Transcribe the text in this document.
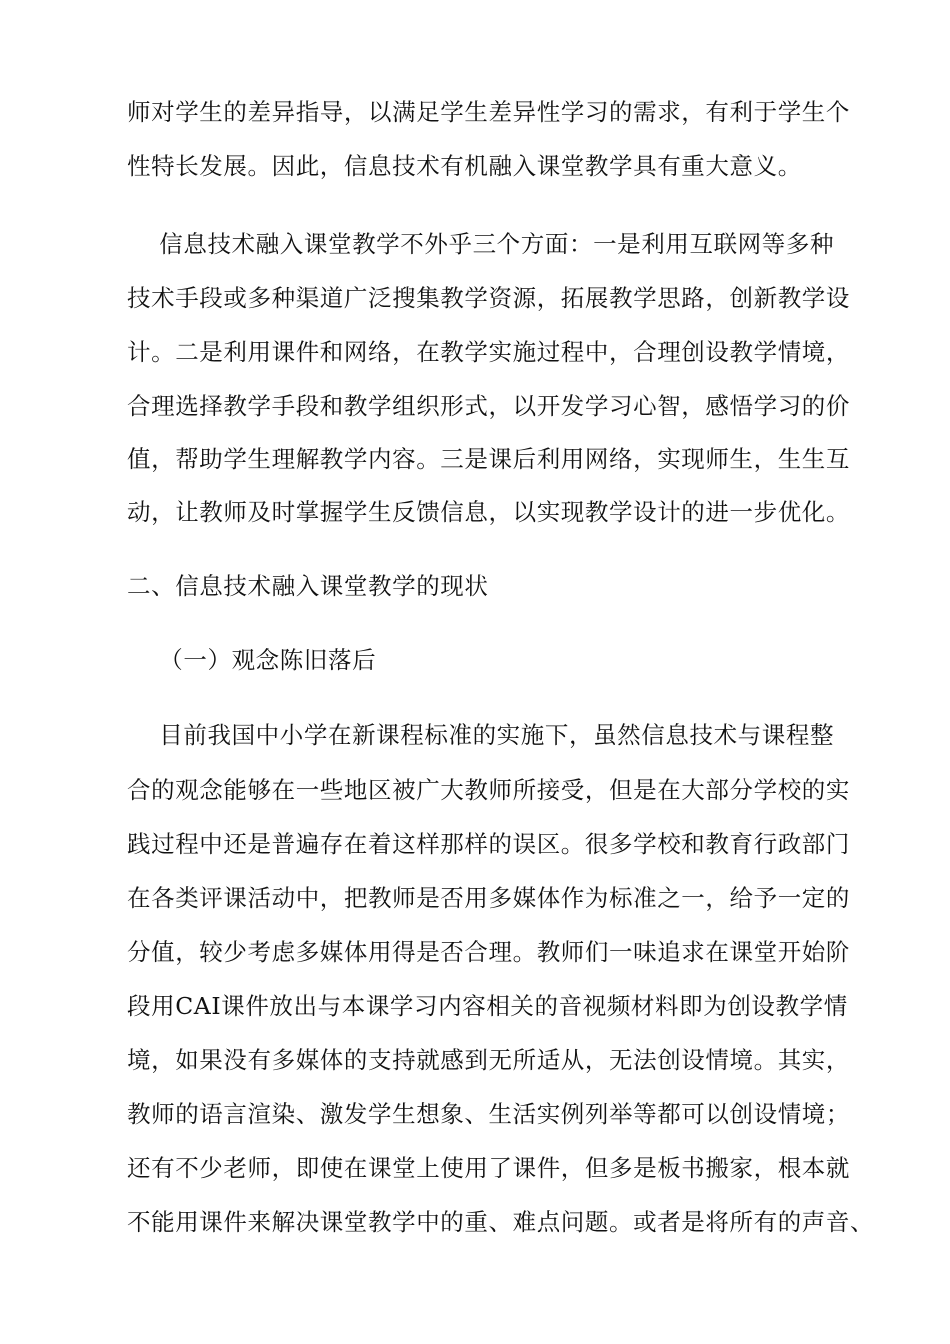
师对学生的差异指导，以满足学生差异性学习的需求，有利于学生个
性特长发展。因此，信息技术有机融入课堂教学具有重大意义。
信息技术融入课堂教学不外乎三个方面：一是利用互联网等多种
技术手段或多种渠道广泛搜集教学资源，拓展教学思路，创新教学设
计。二是利用课件和网络，在教学实施过程中，合理创设教学情境，
合理选择教学手段和教学组织形式，以开发学习心智，感悟学习的价
值，帮助学生理解教学内容。三是课后利用网络，实现师生，生生互
动，让教师及时掌握学生反馈信息，以实现教学设计的进一步优化。
二、信息技术融入课堂教学的现状
（一）观念陈旧落后
目前我国中小学在新课程标准的实施下，虽然信息技术与课程整
合的观念能够在一些地区被广大教师所接受，但是在大部分学校的实
践过程中还是普遍存在着这样那样的误区。很多学校和教育行政部门
在各类评课活动中，把教师是否用多媒体作为标准之一，给予一定的
分值，较少考虑多媒体用得是否合理。教师们一味追求在课堂开始阶
段用CAI课件放出与本课学习内容相关的音视频材料即为创设教学情
境，如果没有多媒体的支持就感到无所适从，无法创设情境。其实，
教师的语言渲染、激发学生想象、生活实例列举等都可以创设情境；
还有不少老师，即使在课堂上使用了课件，但多是板书搬家，根本就
不能用课件来解决课堂教学中的重、难点问题。或者是将所有的声音、
